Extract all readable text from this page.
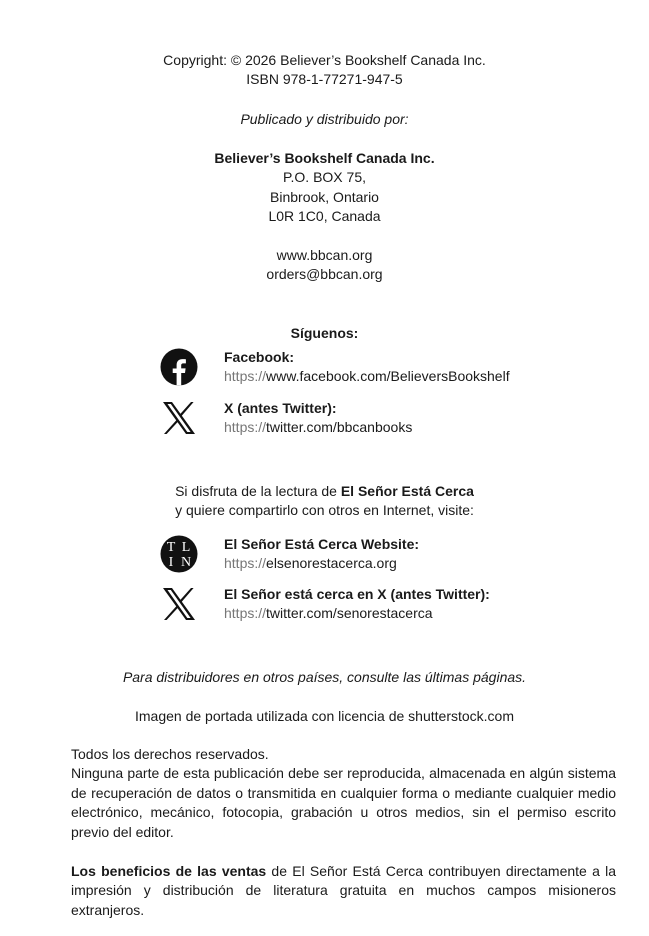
Copyright: © 2026 Believer’s Bookshelf Canada Inc.
ISBN 978-1-77271-947-5
Publicado y distribuido por:
Believer’s Bookshelf Canada Inc.
P.O. BOX 75,
Binbrook, Ontario
L0R 1C0, Canada
www.bbcan.org
orders@bbcan.org
Síguenos:
Facebook:
https://www.facebook.com/BelieversBookshelf
X (antes Twitter):
https://twitter.com/bbcanbooks
Si disfruta de la lectura de El Señor Está Cerca
y quiere compartirlo con otros en Internet, visite:
T L
I N
El Señor Está Cerca Website:
https://elsenorestacerca.org
El Señor está cerca en X (antes Twitter):
https://twitter.com/senorestacerca
Para distribuidores en otros países, consulte las últimas páginas.
Imagen de portada utilizada con licencia de shutterstock.com
Todos los derechos reservados.
Ninguna parte de esta publicación debe ser reproducida, almacenada en algún sistema de recuperación de datos o transmitida en cualquier forma o mediante cualquier medio electrónico, mecánico, fotocopia, grabación u otros medios, sin el permiso escrito previo del editor.
Los beneficios de las ventas de El Señor Está Cerca contribuyen directamente a la impresión y distribución de literatura gratuita en muchos campos misioneros extranjeros.
